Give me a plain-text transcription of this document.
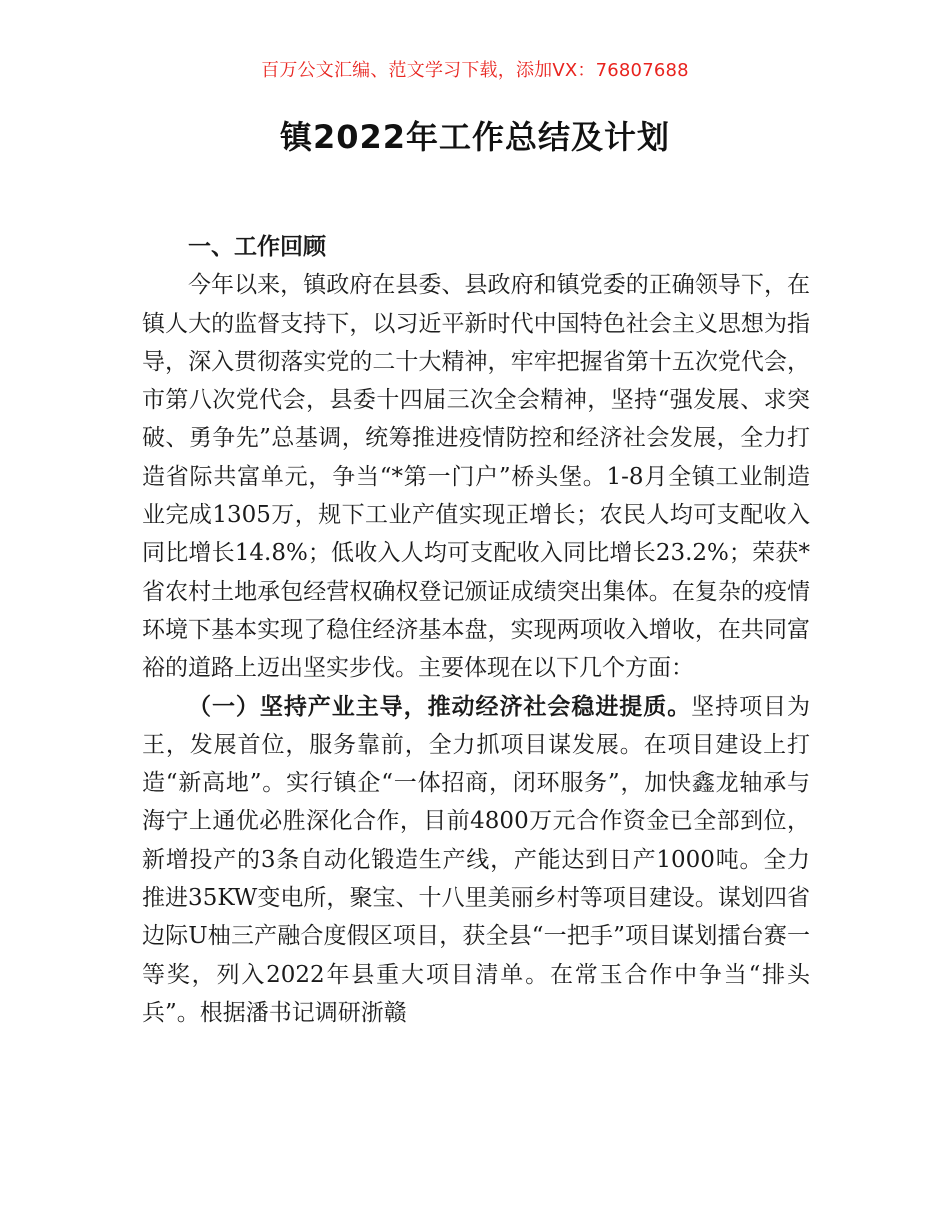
百万公文汇编、范文学习下载，添加VX：76807688
镇2022年工作总结及计划

一、工作回顾

今年以来，镇政府在县委、县政府和镇党委的正确领导下，在镇人大的监督支持下，以习近平新时代中国特色社会主义思想为指导，深入贯彻落实党的二十大精神，牢牢把握省第十五次党代会，市第八次党代会，县委十四届三次全会精神，坚持“强发展、求突破、勇争先”总基调，统筹推进疫情防控和经济社会发展，全力打造省际共富单元，争当“*第一门户”桥头堡。1-8月全镇工业制造业完成1305万，规下工业产值实现正增长；农民人均可支配收入同比增长14.8%；低收入人均可支配收入同比增长23.2%；荣获*省农村土地承包经营权确权登记颁证成绩突出集体。在复杂的疫情环境下基本实现了稳住经济基本盘，实现两项收入增收，在共同富裕的道路上迈出坚实步伐。主要体现在以下几个方面：

（一）坚持产业主导，推动经济社会稳进提质。坚持项目为王，发展首位，服务靠前，全力抓项目谋发展。在项目建设上打造“新高地”。实行镇企“一体招商，闭环服务”，加快鑫龙轴承与海宁上通优必胜深化合作，目前4800万元合作资金已全部到位，新增投产的3条自动化锻造生产线，产能达到日产1000吨。全力推进35KW变电所，聚宝、十八里美丽乡村等项目建设。谋划四省边际U柚三产融合度假区项目，获全县“一把手”项目谋划擂台赛一等奖，列入2022年县重大项目清单。在常玉合作中争当“排头兵”。根据潘书记调研浙赣
